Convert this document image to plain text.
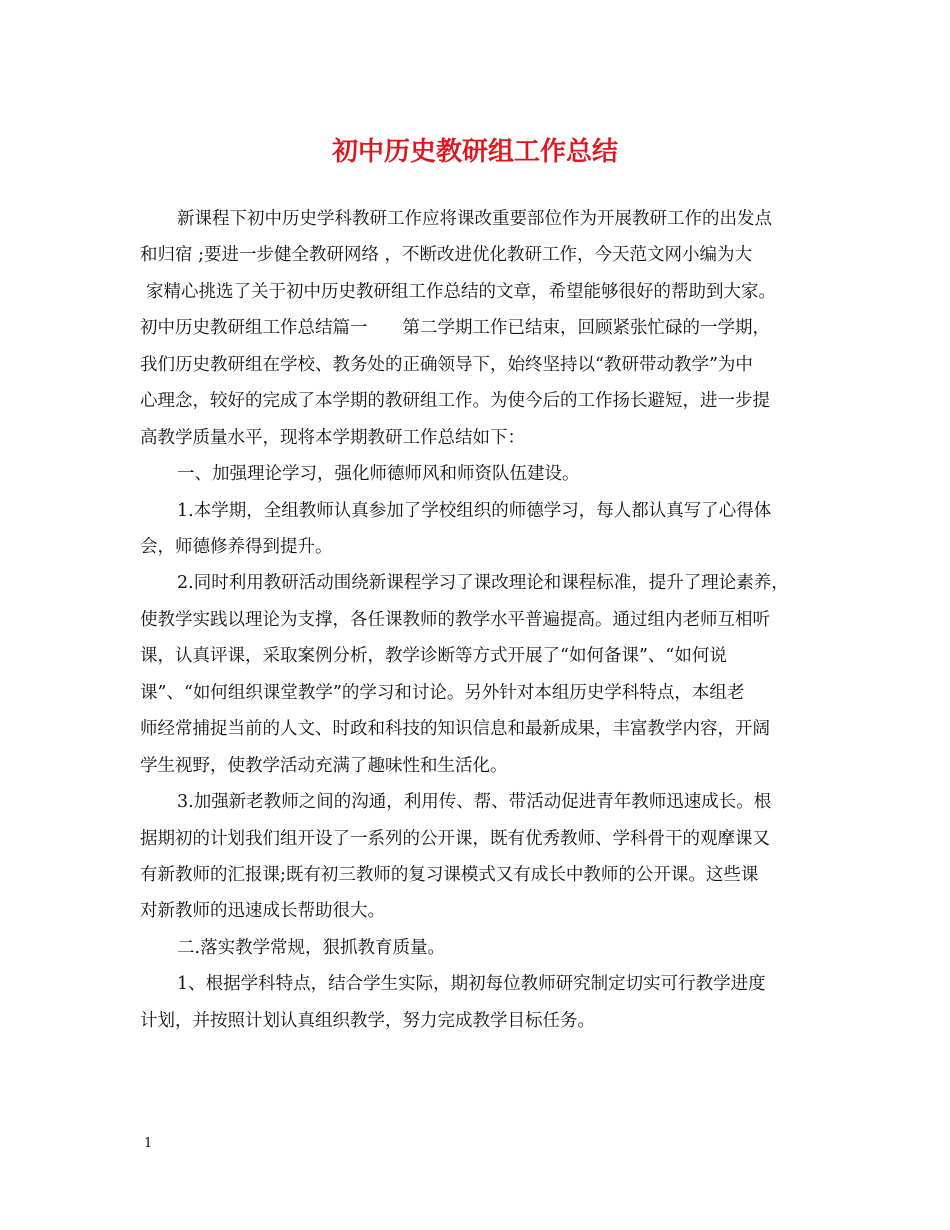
初中历史教研组工作总结

新课程下初中历史学科教研工作应将课改重要部位作为开展教研工作的出发点

和归宿 ;要进一步健全教研网络 ，不断改进优化教研工作，今天范文网小编为大

家精心挑选了关于初中历史教研组工作总结的文章，希望能够很好的帮助到大家。

初中历史教研组工作总结篇一　　第二学期工作已结束，回顾紧张忙碌的一学期，

我们历史教研组在学校、教务处的正确领导下，始终坚持以“教研带动教学”为中

心理念，较好的完成了本学期的教研组工作。为使今后的工作扬长避短，进一步提

高教学质量水平，现将本学期教研工作总结如下：

一、加强理论学习，强化师德师风和师资队伍建设。

1.本学期，全组教师认真参加了学校组织的师德学习，每人都认真写了心得体

会，师德修养得到提升。

2.同时利用教研活动围绕新课程学习了课改理论和课程标准，提升了理论素养，

使教学实践以理论为支撑，各任课教师的教学水平普遍提高。通过组内老师互相听

课，认真评课，采取案例分析，教学诊断等方式开展了“如何备课”、“如何说

课”、“如何组织课堂教学”的学习和讨论。另外针对本组历史学科特点，本组老

师经常捕捉当前的人文、时政和科技的知识信息和最新成果，丰富教学内容，开阔

学生视野，使教学活动充满了趣味性和生活化。

3.加强新老教师之间的沟通，利用传、帮、带活动促进青年教师迅速成长。根

据期初的计划我们组开设了一系列的公开课，既有优秀教师、学科骨干的观摩课又

有新教师的汇报课;既有初三教师的复习课模式又有成长中教师的公开课。这些课

对新教师的迅速成长帮助很大。

二.落实教学常规，狠抓教育质量。

1、根据学科特点，结合学生实际，期初每位教师研究制定切实可行教学进度

计划，并按照计划认真组织教学，努力完成教学目标任务。

1
